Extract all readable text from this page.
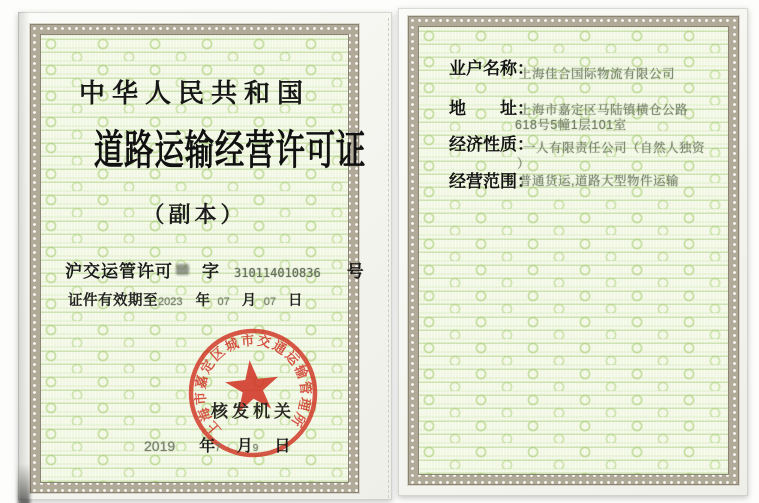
中华人民共和国
道路运输经营许可证
（副本）
沪交运管许可 字 310114010836 号
证件有效期至 2023 年 07 月 07 日
上海市嘉定区城市交通运输管理所
核发机关
2019 年 7 月 9 日
业户名称：
上海佳合国际物流有限公司
地　　址：
上海市嘉定区马陆镇横仓公路
618号5幢1层101室
经济性质：
一人有限责任公司（自然人独资
）
经营范围：
普通货运,道路大型物件运输
